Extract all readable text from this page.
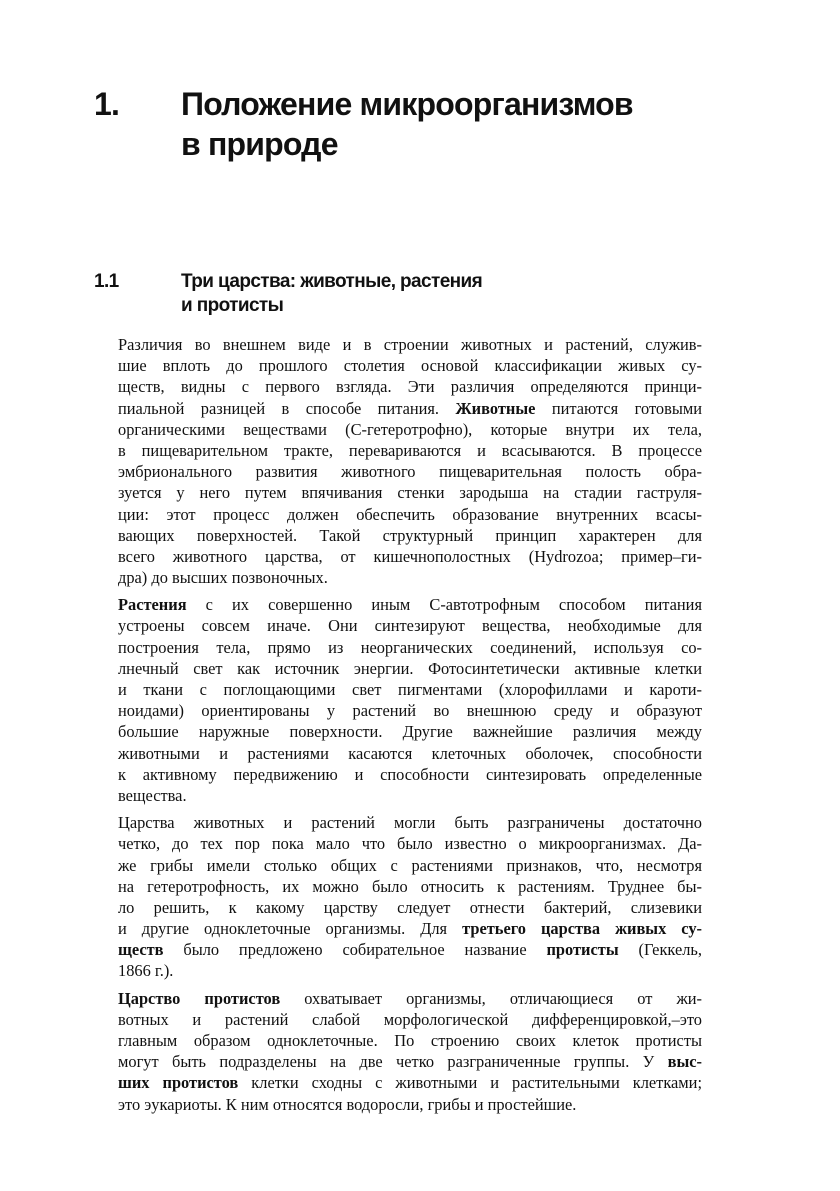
1. Положение микроорганизмов
в природе
1.1	Три царства: животные, растения
и протисты
Различия во внешнем виде и в строении животных и растений, служив-
шие вплоть до прошлого столетия основой классификации живых су-
ществ, видны с первого взгляда. Эти различия определяются принци-
пиальной разницей в способе питания. Животные питаются готовыми
органическими веществами (С-гетеротрофно), которые внутри их тела,
в пищеварительном тракте, перевариваются и всасываются. В процессе
эмбрионального развития животного пищеварительная полость обра-
зуется у него путем впячивания стенки зародыша на стадии гаструля-
ции: этот процесс должен обеспечить образование внутренних всасы-
вающих поверхностей. Такой структурный принцип характерен для
всего животного царства, от кишечнополостных (Hydrozoa; пример–ги-
дра) до высших позвоночных.
Растения с их совершенно иным С-автотрофным способом питания
устроены совсем иначе. Они синтезируют вещества, необходимые для
построения тела, прямо из неорганических соединений, используя со-
лнечный свет как источник энергии. Фотосинтетически активные клетки
и ткани с поглощающими свет пигментами (хлорофиллами и кароти-
ноидами) ориентированы у растений во внешнюю среду и образуют
большие наружные поверхности. Другие важнейшие различия между
животными и растениями касаются клеточных оболочек, способности
к активному передвижению и способности синтезировать определенные
вещества.
Царства животных и растений могли быть разграничены достаточно
четко, до тех пор пока мало что было известно о микроорганизмах. Да-
же грибы имели столько общих с растениями признаков, что, несмотря
на гетеротрофность, их можно было относить к растениям. Труднее бы-
ло решить, к какому царству следует отнести бактерий, слизевики
и другие одноклеточные организмы. Для третьего царства живых су-
ществ было предложено собирательное название протисты (Геккель,
1866 г.).
Царство протистов охватывает организмы, отличающиеся от жи-
вотных и растений слабой морфологической дифференцировкой,–это
главным образом одноклеточные. По строению своих клеток протисты
могут быть подразделены на две четко разграниченные группы. У выс-
ших протистов клетки сходны с животными и растительными клетками;
это эукариоты. К ним относятся водоросли, грибы и простейшие.
